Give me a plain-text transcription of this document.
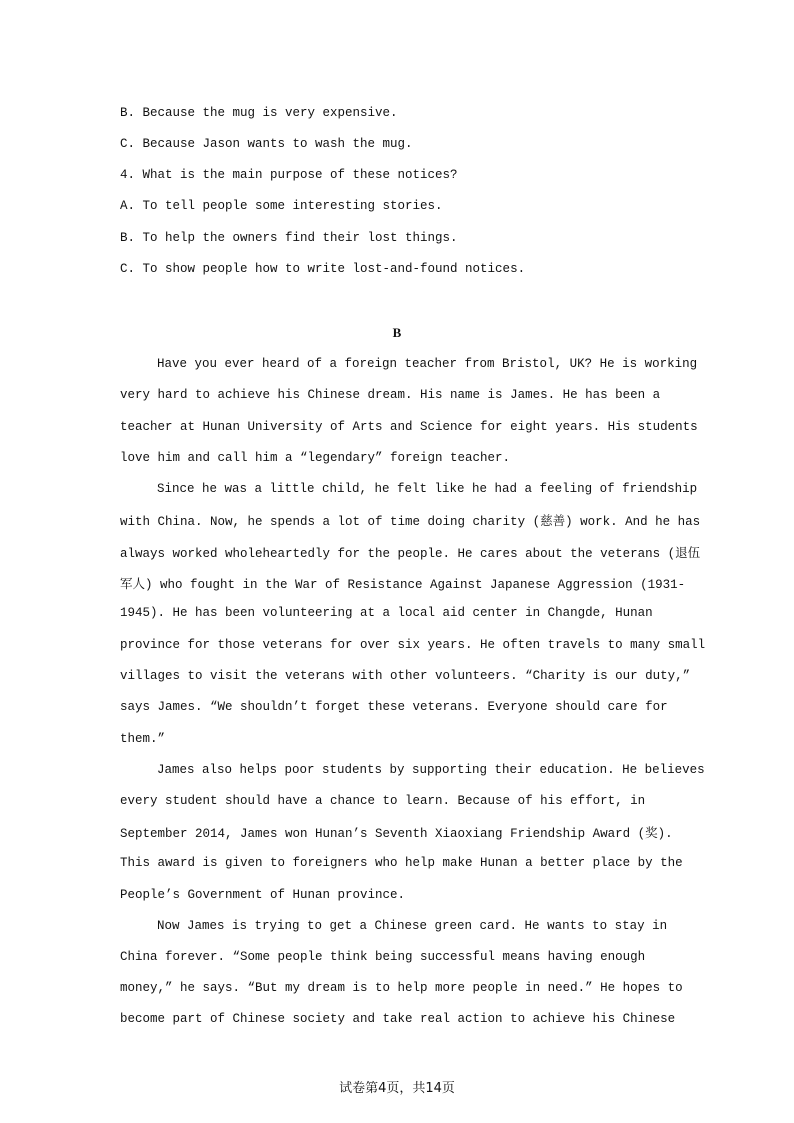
B. Because the mug is very expensive.

C. Because Jason wants to wash the mug.

4. What is the main purpose of these notices?

A. To tell people some interesting stories.

B. To help the owners find their lost things.

C. To show people how to write lost-and-found notices.

B

Have you ever heard of a foreign teacher from Bristol, UK? He is working

very hard to achieve his Chinese dream. His name is James. He has been a

teacher at Hunan University of Arts and Science for eight years. His students

love him and call him a “legendary” foreign teacher.

Since he was a little child, he felt like he had a feeling of friendship

with China. Now, he spends a lot of time doing charity (慈善) work. And he has

always worked wholeheartedly for the people. He cares about the veterans (退伍

军人) who fought in the War of Resistance Against Japanese Aggression (1931-

1945). He has been volunteering at a local aid center in Changde, Hunan

province for those veterans for over six years. He often travels to many small

villages to visit the veterans with other volunteers. “Charity is our duty,”

says James. “We shouldn’t forget these veterans. Everyone should care for

them.”

James also helps poor students by supporting their education. He believes

every student should have a chance to learn. Because of his effort, in

September 2014, James won Hunan’s Seventh Xiaoxiang Friendship Award (奖).

This award is given to foreigners who help make Hunan a better place by the

People’s Government of Hunan province.

Now James is trying to get a Chinese green card. He wants to stay in

China forever. “Some people think being successful means having enough

money,” he says. “But my dream is to help more people in need.” He hopes to

become part of Chinese society and take real action to achieve his Chinese

试卷第4页，共14页
